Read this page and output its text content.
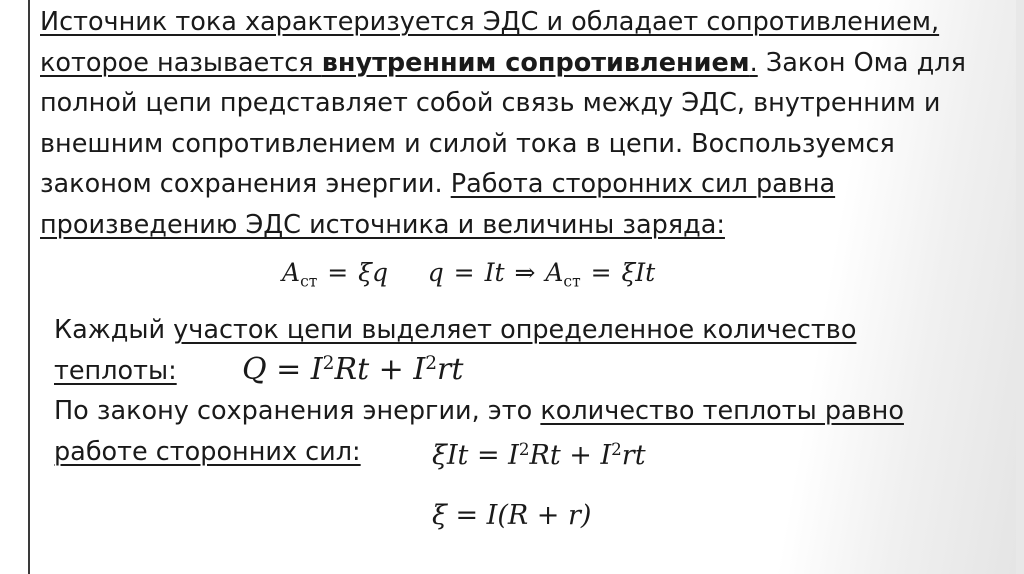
Источник тока характеризуется ЭДС и обладает сопротивлением,
которое называется внутренним сопротивлением. Закон Ома для
полной цепи представляет собой связь между ЭДС, внутренним и
внешним сопротивлением и силой тока в цепи. Воспользуемся
законом сохранения энергии. Работа сторонних сил равна
произведению ЭДС источника и величины заряда:
$A_{ст} = \xi q$    q = It ⇒ $A_{ст} = \xi It$
Каждый участок цепи выделяет определенное количество
теплоты:	$Q = I^2Rt + I^2rt$
По закону сохранения энергии, это количество теплоты равно
работе сторонних сил:	$\xi It = I^2Rt + I^2rt$
ξ = I(R + r)
